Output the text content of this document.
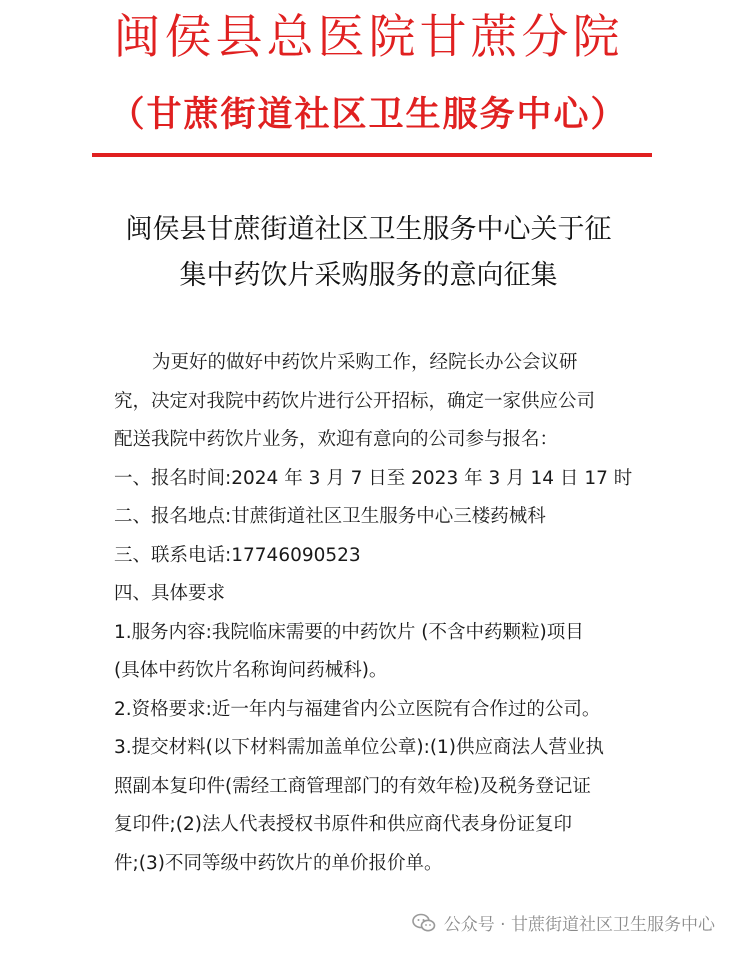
闽侯县总医院甘蔗分院
（甘蔗街道社区卫生服务中心）
闽侯县甘蔗街道社区卫生服务中心关于征
集中药饮片采购服务的意向征集
为更好的做好中药饮片采购工作，经院长办公会议研
究，决定对我院中药饮片进行公开招标，确定一家供应公司
配送我院中药饮片业务，欢迎有意向的公司参与报名：
一、报名时间:2024 年 3 月 7 日至 2023 年 3 月 14 日 17 时
二、报名地点:甘蔗街道社区卫生服务中心三楼药械科
三、联系电话:17746090523
四、具体要求
1.服务内容:我院临床需要的中药饮片 (不含中药颗粒)项目
(具体中药饮片名称询问药械科)。
2.资格要求:近一年内与福建省内公立医院有合作过的公司。
3.提交材料(以下材料需加盖单位公章):(1)供应商法人营业执
照副本复印件(需经工商管理部门的有效年检)及税务登记证
复印件;(2)法人代表授权书原件和供应商代表身份证复印
件;(3)不同等级中药饮片的单价报价单。
公众号 · 甘蔗街道社区卫生服务中心
